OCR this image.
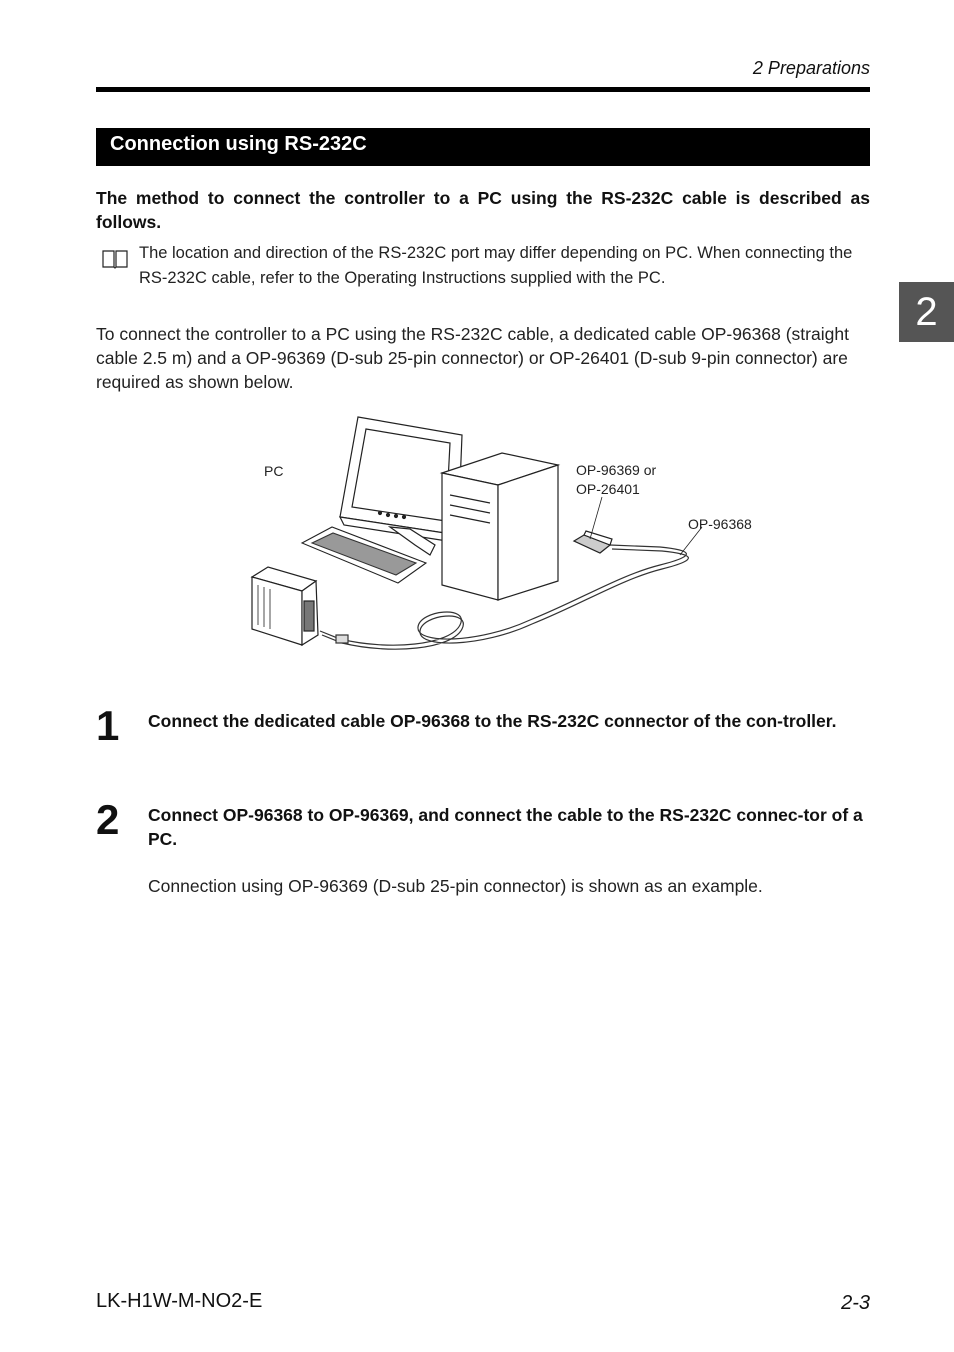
2 Preparations
2
Connection using RS-232C
The method to connect the controller to a PC using the RS-232C cable is described as follows.
The location and direction of the RS-232C port may differ depending on PC. When connecting the RS-232C cable, refer to the Operating Instructions supplied with the PC.
To connect the controller to a PC using the RS-232C cable, a dedicated cable OP-96368 (straight cable 2.5 m) and a OP-96369 (D-sub 25-pin connector) or OP-26401 (D-sub 9-pin connector) are required as shown below.
PC	OP-96369 or
OP-26401
OP-96368
1 Connect the dedicated cable OP-96368 to the RS-232C connector of the con-troller.
2 Connect OP-96368 to OP-96369, and connect the cable to the RS-232C connec-tor of a PC.
Connection using OP-96369 (D-sub 25-pin connector) is shown as an example.
LK-H1W-M-NO2-E	2-3
